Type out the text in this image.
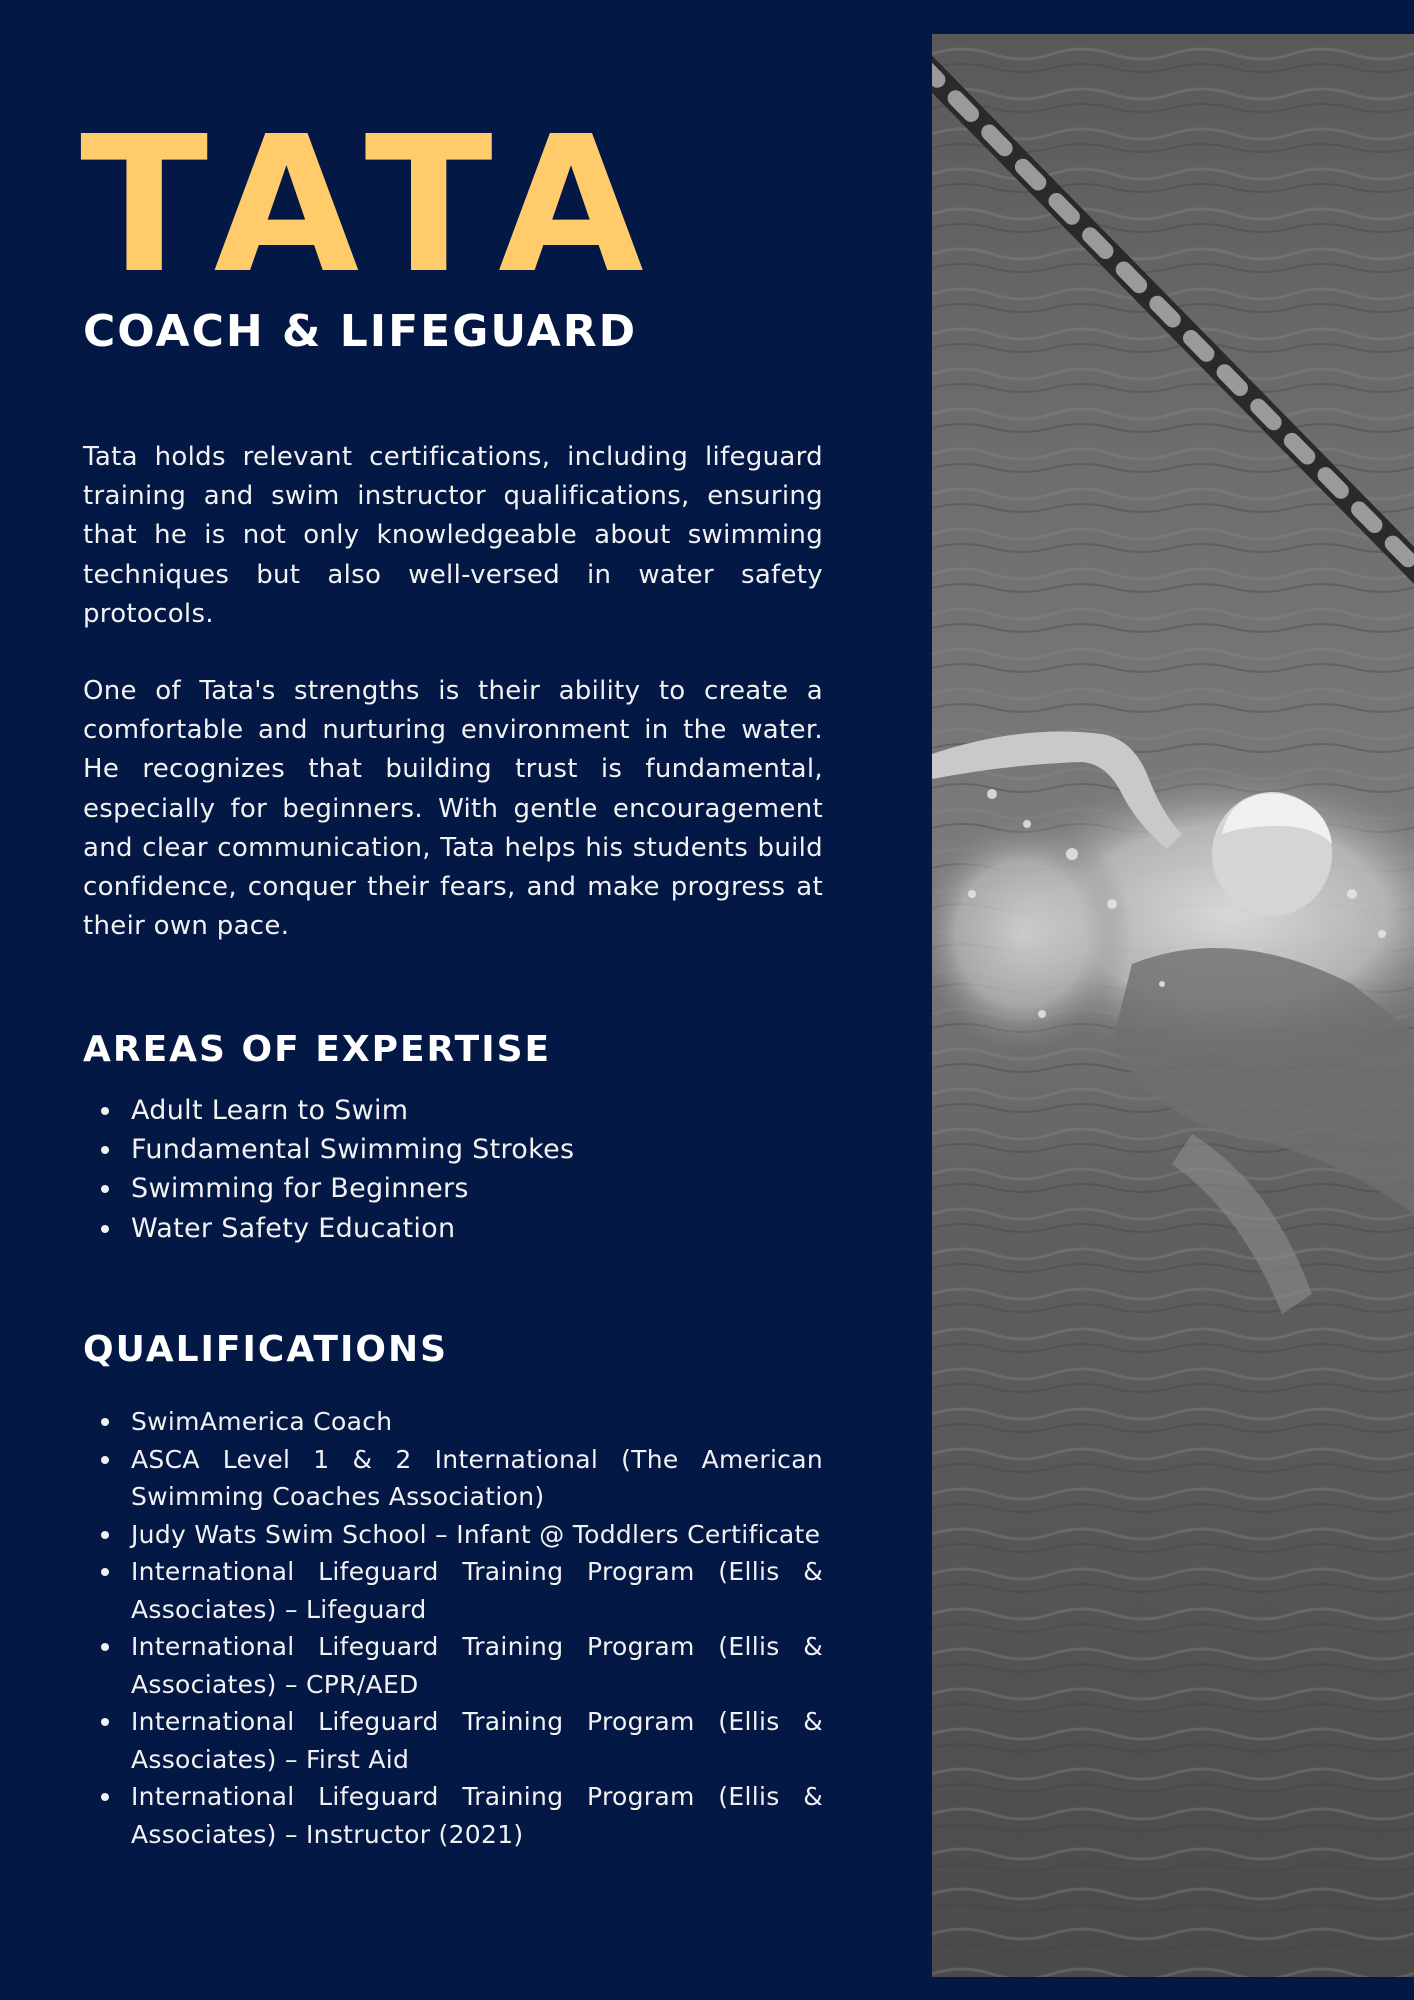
TATA
COACH & LIFEGUARD

Tata holds relevant certifications, including lifeguard training and swim instructor qualifications, ensuring that he is not only knowledgeable about swimming techniques but also well-versed in water safety protocols.

One of Tata's strengths is their ability to create a comfortable and nurturing environment in the water. He recognizes that building trust is fundamental, especially for beginners. With gentle encouragement and clear communication, Tata helps his students build confidence, conquer their fears, and make progress at their own pace.

AREAS OF EXPERTISE
Adult Learn to Swim
Fundamental Swimming Strokes
Swimming for Beginners
Water Safety Education
QUALIFICATIONS
SwimAmerica Coach
ASCA Level 1 & 2 International (The American Swimming Coaches Association)
Judy Wats Swim School – Infant @ Toddlers Certificate
International Lifeguard Training Program (Ellis & Associates) – Lifeguard
International Lifeguard Training Program (Ellis & Associates) – CPR/AED
International Lifeguard Training Program (Ellis & Associates) – First Aid
International Lifeguard Training Program (Ellis & Associates) – Instructor (2021)
